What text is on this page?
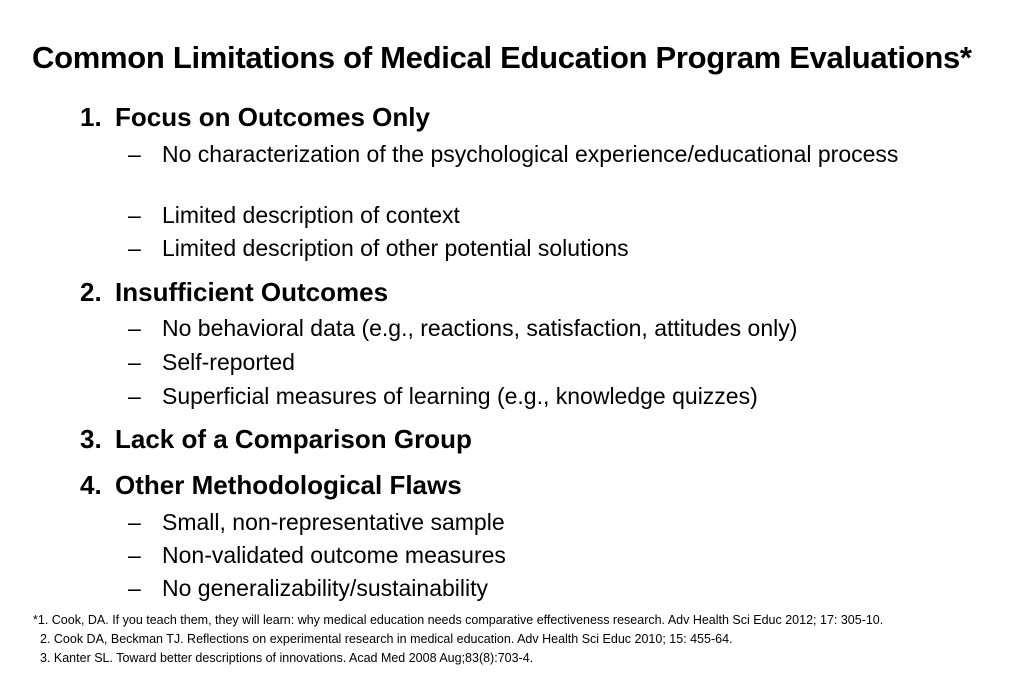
Common Limitations of Medical Education Program Evaluations*
1. Focus on Outcomes Only
– No characterization of the psychological experience/educational process
– Limited description of context
– Limited description of other potential solutions
2. Insufficient Outcomes
– No behavioral data (e.g., reactions, satisfaction, attitudes only)
– Self-reported
– Superficial measures of learning (e.g., knowledge quizzes)
3. Lack of a Comparison Group
4. Other Methodological Flaws
– Small, non-representative sample
– Non-validated outcome measures
– No generalizability/sustainability
*1. Cook, DA. If you teach them, they will learn: why medical education needs comparative effectiveness research. Adv Health Sci Educ 2012; 17: 305-10.
2. Cook DA, Beckman TJ. Reflections on experimental research in medical education. Adv Health Sci Educ 2010; 15: 455-64.
3. Kanter SL. Toward better descriptions of innovations. Acad Med 2008 Aug;83(8):703-4.
